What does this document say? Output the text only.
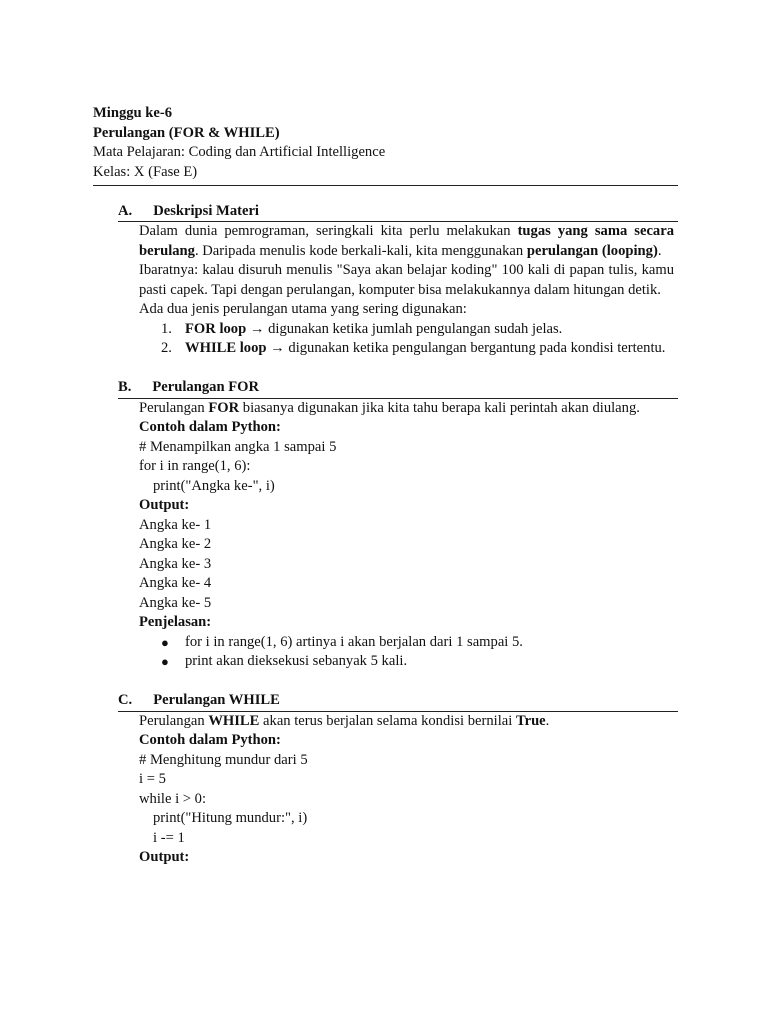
Minggu ke-6
Perulangan (FOR & WHILE)
Mata Pelajaran: Coding dan Artificial Intelligence
Kelas: X (Fase E)
A. Deskripsi Materi
Dalam dunia pemrograman, seringkali kita perlu melakukan tugas yang sama secara berulang. Daripada menulis kode berkali-kali, kita menggunakan perulangan (looping).
Ibaratnya: kalau disuruh menulis "Saya akan belajar koding" 100 kali di papan tulis, kamu pasti capek. Tapi dengan perulangan, komputer bisa melakukannya dalam hitungan detik.
Ada dua jenis perulangan utama yang sering digunakan:
1. FOR loop → digunakan ketika jumlah pengulangan sudah jelas.
2. WHILE loop → digunakan ketika pengulangan bergantung pada kondisi tertentu.
B. Perulangan FOR
Perulangan FOR biasanya digunakan jika kita tahu berapa kali perintah akan diulang.
Contoh dalam Python:
# Menampilkan angka 1 sampai 5
for i in range(1, 6):
print("Angka ke-", i)
Output:
Angka ke- 1
Angka ke- 2
Angka ke- 3
Angka ke- 4
Angka ke- 5
Penjelasan:
● for i in range(1, 6) artinya i akan berjalan dari 1 sampai 5.
● print akan dieksekusi sebanyak 5 kali.
C. Perulangan WHILE
Perulangan WHILE akan terus berjalan selama kondisi bernilai True.
Contoh dalam Python:
# Menghitung mundur dari 5
i = 5
while i > 0:
print("Hitung mundur:", i)
i -= 1
Output:
